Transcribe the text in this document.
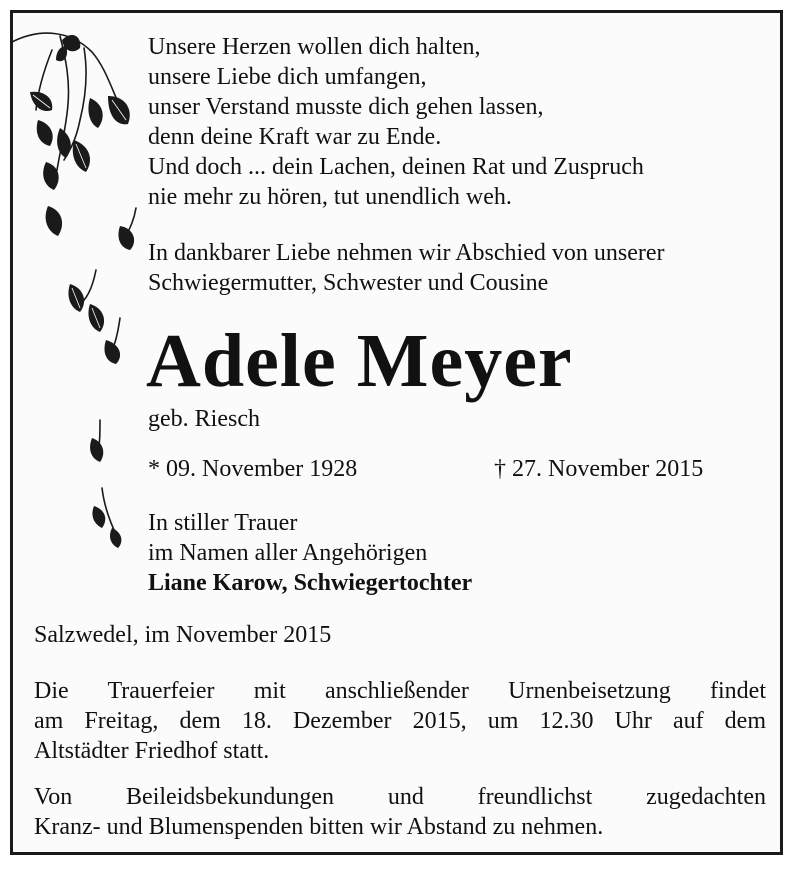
Unsere Herzen wollen dich halten,
unsere Liebe dich umfangen,
unser Verstand musste dich gehen lassen,
denn deine Kraft war zu Ende.
Und doch ... dein Lachen, deinen Rat und Zuspruch
nie mehr zu hören, tut unendlich weh.
In dankbarer Liebe nehmen wir Abschied von unserer
Schwiegermutter, Schwester und Cousine
Adele Meyer
geb. Riesch
* 09. November 1928	† 27. November 2015
In stiller Trauer
im Namen aller Angehörigen
Liane Karow, Schwiegertochter
Salzwedel, im November 2015
Die Trauerfeier mit anschließender Urnenbeisetzung findet
am Freitag, dem 18. Dezember 2015, um 12.30 Uhr auf dem
Altstädter Friedhof statt.
Von Beileidsbekundungen und freundlichst zugedachten
Kranz- und Blumenspenden bitten wir Abstand zu nehmen.
